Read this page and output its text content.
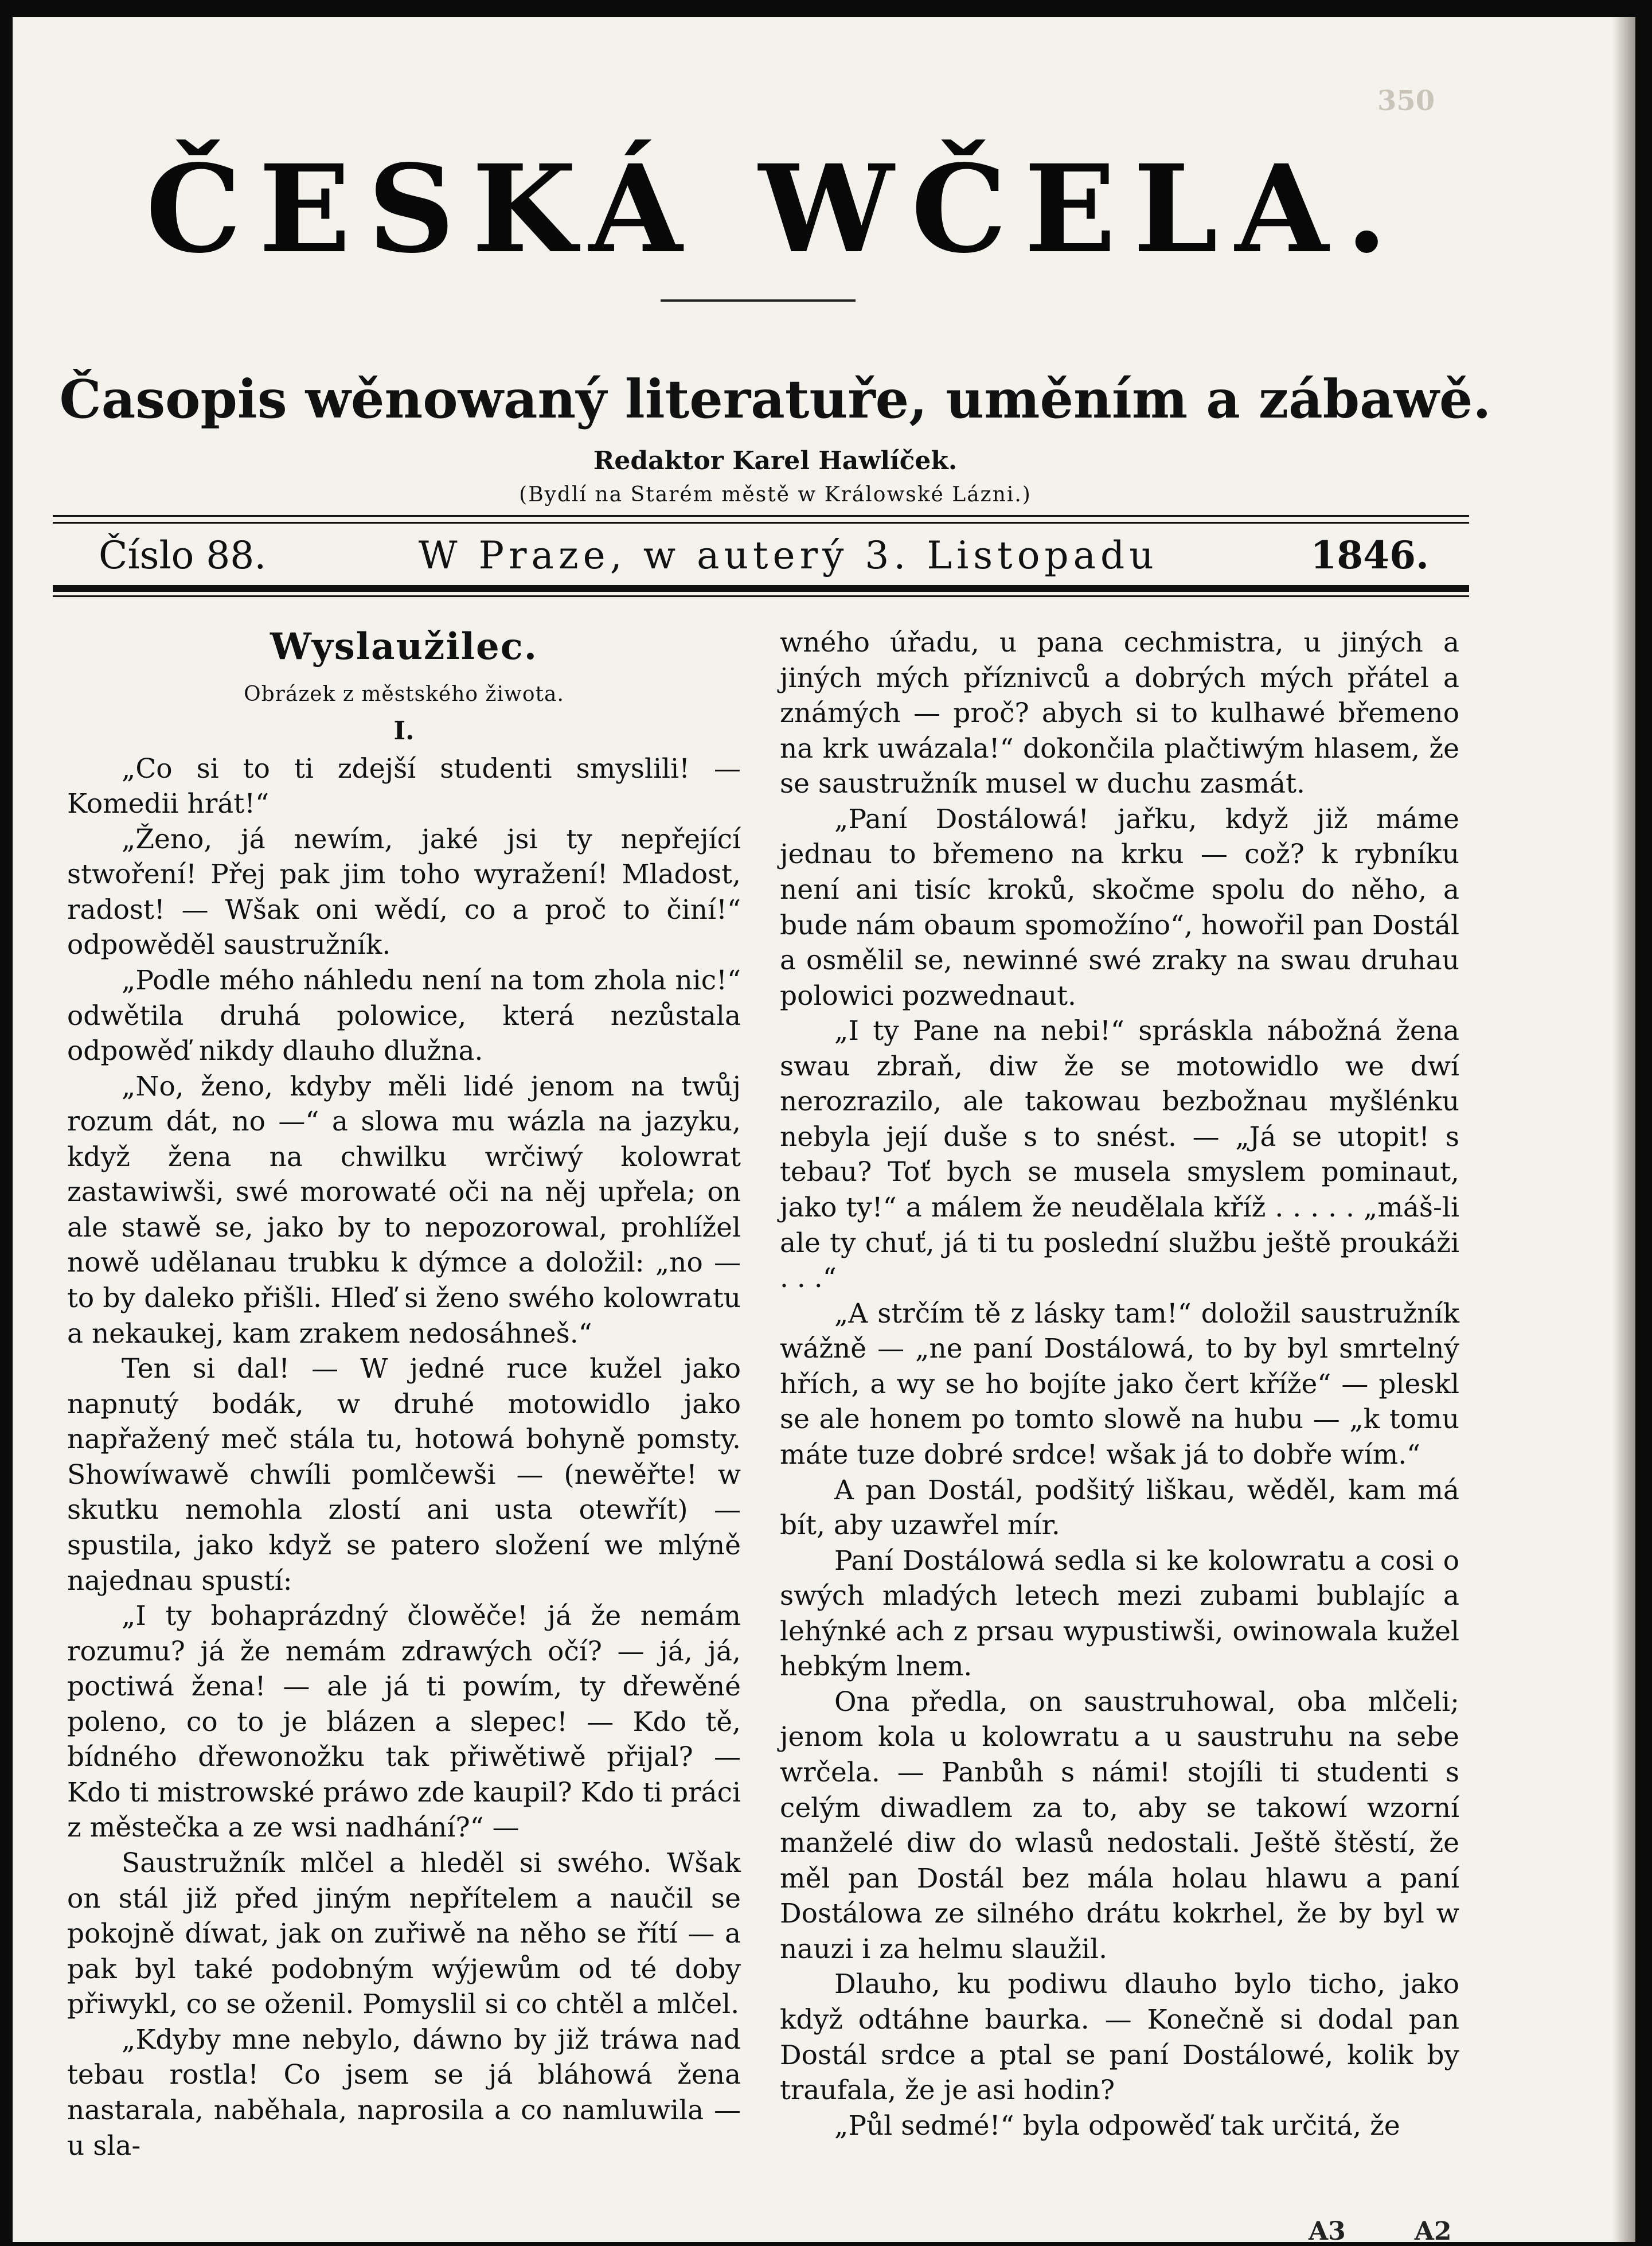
350
ČESKÁ WČELA.
Časopis wěnowaný literatuře, uměním a zábawě.
Redaktor Karel Hawlíček.
(Bydlí na Starém městě w Králowské Lázni.)
Číslo 88.	W Praze, w auterý 3. Listopadu	1846.
Wyslaužilec.
Obrázek z městského žiwota.
I.

„Co si to ti zdejší studenti smyslili! — Komedii hrát!“

„Ženo, já newím, jaké jsi ty nepřející stwoření! Přej pak jim toho wyražení! Mladost, radost! — Wšak oni wědí, co a proč to činí!“ odpowěděl saustružník.

„Podle mého náhledu není na tom zhola nic!“ odwětila druhá polowice, která nezůstala odpowěď nikdy dlauho dlužna.

„No, ženo, kdyby měli lidé jenom na twůj rozum dát, no —“ a slowa mu wázla na jazyku, když žena na chwilku wrčiwý kolowrat zastawiwši, swé morowaté oči na něj upřela; on ale stawě se, jako by to nepozorowal, prohlížel nowě udělanau trubku k dýmce a doložil: „no — to by daleko přišli. Hleď si ženo swého kolowratu a nekaukej, kam zrakem nedosáhneš.“

Ten si dal! — W jedné ruce kužel jako napnutý bodák, w druhé motowidlo jako napřažený meč stála tu, hotowá bohyně pomsty. Showíwawě chwíli pomlčewši — (newěřte! w skutku nemohla zlostí ani usta otewřít) — spustila, jako když se patero složení we mlýně najednau spustí:

„I ty bohaprázdný člowěče! já že nemám rozumu? já že nemám zdrawých očí? — já, já, poctiwá žena! — ale já ti powím, ty dřewěné poleno, co to je blázen a slepec! — Kdo tě, bídného dřewonožku tak přiwětiwě přijal? — Kdo ti mistrowské práwo zde kaupil? Kdo ti práci z městečka a ze wsi nadhání?“ —

Saustružník mlčel a hleděl si swého. Wšak on stál již před jiným nepřítelem a naučil se pokojně díwat, jak on zuřiwě na něho se řítí — a pak byl také podobným wýjewům od té doby přiwykl, co se oženil. Pomyslil si co chtěl a mlčel.

„Kdyby mne nebylo, dáwno by již tráwa nad tebau rostla! Co jsem se já bláhowá žena nastarala, naběhala, naprosila a co namluwila — u sla-

wného úřadu, u pana cechmistra, u jiných a jiných mých příznivců a dobrých mých přátel a známých — proč? abych si to kulhawé břemeno na krk uwázala!“ dokončila plačtiwým hlasem, že se saustružník musel w duchu zasmát.

„Paní Dostálowá! jařku, když již máme jednau to břemeno na krku — což? k rybníku není ani tisíc kroků, skočme spolu do něho, a bude nám obaum spomožíno“, howořil pan Dostál a osmělil se, newinné swé zraky na swau druhau polowici pozwednaut.

„I ty Pane na nebi!“ spráskla nábožná žena swau zbraň, diw že se motowidlo we dwí nerozrazilo, ale takowau bezbožnau myšlénku nebyla její duše s to snést. — „Já se utopit! s tebau? Toť bych se musela smyslem pominaut, jako ty!“ a málem že neudělala kříž . . . . . „máš-li ale ty chuť, já ti tu poslední službu ještě proukáži . . .“

„A strčím tě z lásky tam!“ doložil saustružník wážně — „ne paní Dostálowá, to by byl smrtelný hřích, a wy se ho bojíte jako čert kříže“ — pleskl se ale honem po tomto slowě na hubu — „k tomu máte tuze dobré srdce! wšak já to dobře wím.“

A pan Dostál, podšitý liškau, wěděl, kam má bít, aby uzawřel mír.

Paní Dostálowá sedla si ke kolowratu a cosi o swých mladých letech mezi zubami bublajíc a lehýnké ach z prsau wypustiwši, owinowala kužel hebkým lnem.

Ona předla, on saustruhowal, oba mlčeli; jenom kola u kolowratu a u saustruhu na sebe wrčela. — Panbůh s námi! stojíli ti studenti s celým diwadlem za to, aby se takowí wzorní manželé diw do wlasů nedostali. Ještě štěstí, že měl pan Dostál bez mála holau hlawu a paní Dostálowa ze silného drátu kokrhel, že by byl w nauzi i za helmu slaužil.

Dlauho, ku podiwu dlauho bylo ticho, jako když odtáhne baurka. — Konečně si dodal pan Dostál srdce a ptal se paní Dostálowé, kolik by traufala, že je asi hodin?

„Půl sedmé!“ byla odpowěď tak určitá, že

A3	A2
